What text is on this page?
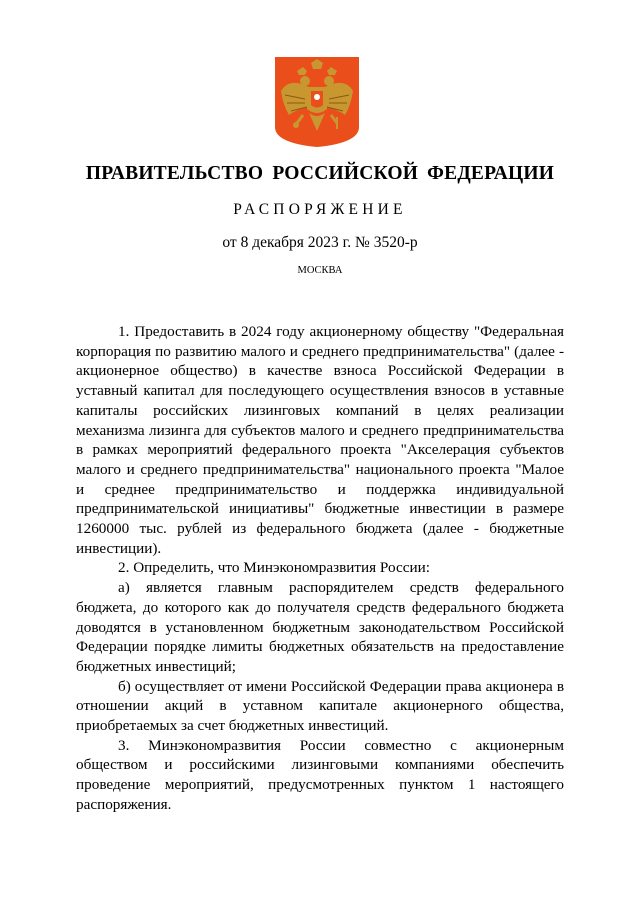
ПРАВИТЕЛЬСТВО РОССИЙСКОЙ ФЕДЕРАЦИИ
РАСПОРЯЖЕНИЕ
от 8 декабря 2023 г. № 3520-р
МОСКВА

1. Предоставить в 2024 году акционерному обществу "Федеральная корпорация по развитию малого и среднего предпринимательства" (далее - акционерное общество) в качестве взноса Российской Федерации в уставный капитал для последующего осуществления взносов в уставные капиталы российских лизинговых компаний в целях реализации механизма лизинга для субъектов малого и среднего предпринимательства в рамках мероприятий федерального проекта "Акселерация субъектов малого и среднего предпринимательства" национального проекта "Малое и среднее предпринимательство и поддержка индивидуальной предпринимательской инициативы" бюджетные инвестиции в размере 1260000 тыс. рублей из федерального бюджета (далее - бюджетные инвестиции).

2. Определить, что Минэкономразвития России:

а) является главным распорядителем средств федерального бюджета, до которого как до получателя средств федерального бюджета доводятся в установленном бюджетным законодательством Российской Федерации порядке лимиты бюджетных обязательств на предоставление бюджетных инвестиций;

б) осуществляет от имени Российской Федерации права акционера в отношении акций в уставном капитале акционерного общества, приобретаемых за счет бюджетных инвестиций.

3. Минэкономразвития России совместно с акционерным обществом и российскими лизинговыми компаниями обеспечить проведение мероприятий, предусмотренных пунктом 1 настоящего распоряжения.
